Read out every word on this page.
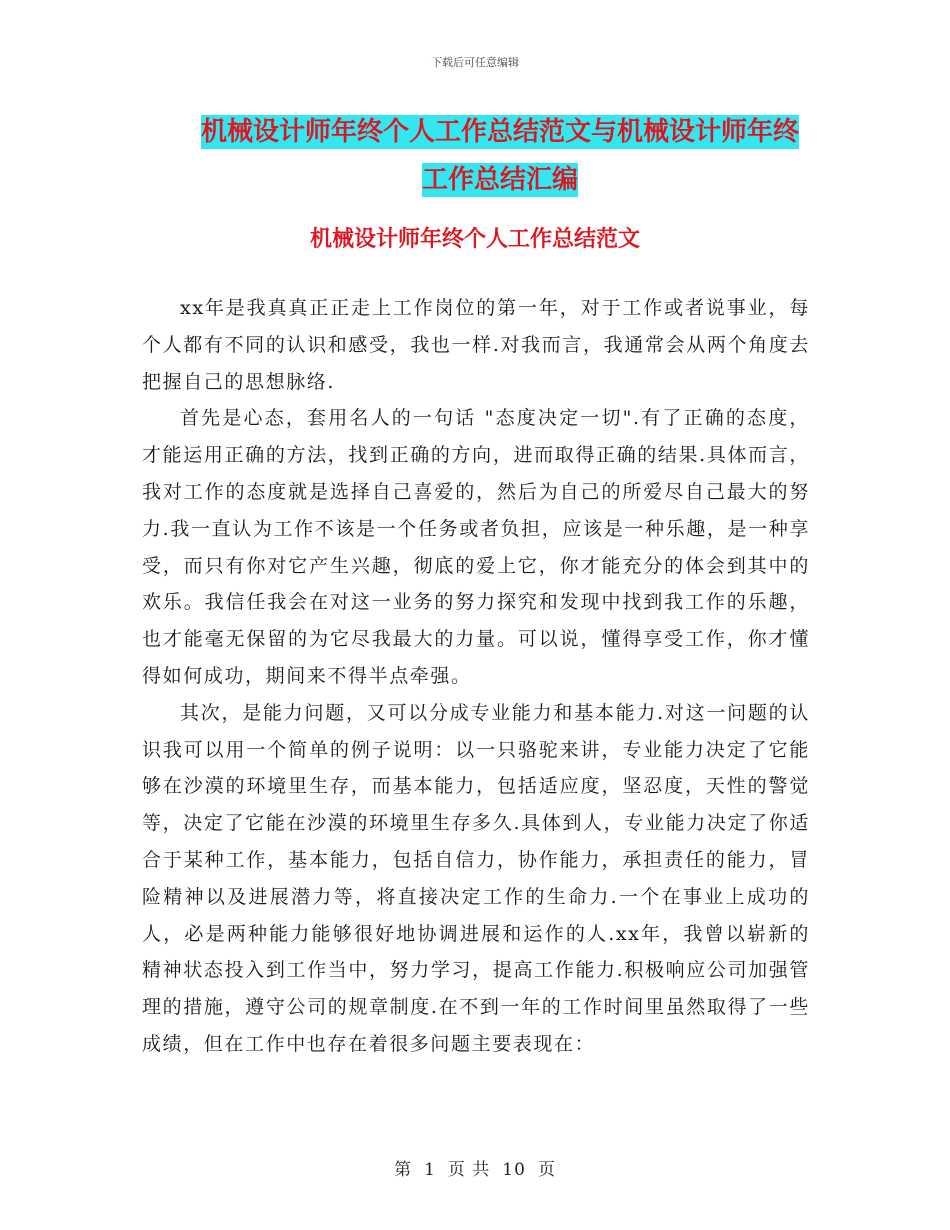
下载后可任意编辑
机械设计师年终个人工作总结范文与机械设计师年终
工作总结汇编
机械设计师年终个人工作总结范文

xx年是我真真正正走上工作岗位的第一年，对于工作或者说事业，每个人都有不同的认识和感受，我也一样.对我而言，我通常会从两个角度去把握自己的思想脉络.

首先是心态，套用名人的一句话 "态度决定一切".有了正确的态度，才能运用正确的方法，找到正确的方向，进而取得正确的结果.具体而言，我对工作的态度就是选择自己喜爱的，然后为自己的所爱尽自己最大的努力.我一直认为工作不该是一个任务或者负担，应该是一种乐趣，是一种享受，而只有你对它产生兴趣，彻底的爱上它，你才能充分的体会到其中的欢乐。我信任我会在对这一业务的努力探究和发现中找到我工作的乐趣，也才能毫无保留的为它尽我最大的力量。可以说，懂得享受工作，你才懂得如何成功，期间来不得半点牵强。

其次，是能力问题，又可以分成专业能力和基本能力.对这一问题的认识我可以用一个简单的例子说明：以一只骆驼来讲，专业能力决定了它能够在沙漠的环境里生存，而基本能力，包括适应度，坚忍度，天性的警觉等，决定了它能在沙漠的环境里生存多久.具体到人，专业能力决定了你适合于某种工作，基本能力，包括自信力，协作能力，承担责任的能力，冒险精神以及进展潜力等，将直接决定工作的生命力.一个在事业上成功的人，必是两种能力能够很好地协调进展和运作的人.xx年，我曾以崭新的精神状态投入到工作当中，努力学习，提高工作能力.积极响应公司加强管理的措施，遵守公司的规章制度.在不到一年的工作时间里虽然取得了一些成绩，但在工作中也存在着很多问题主要表现在：

第 1 页 共 10 页
